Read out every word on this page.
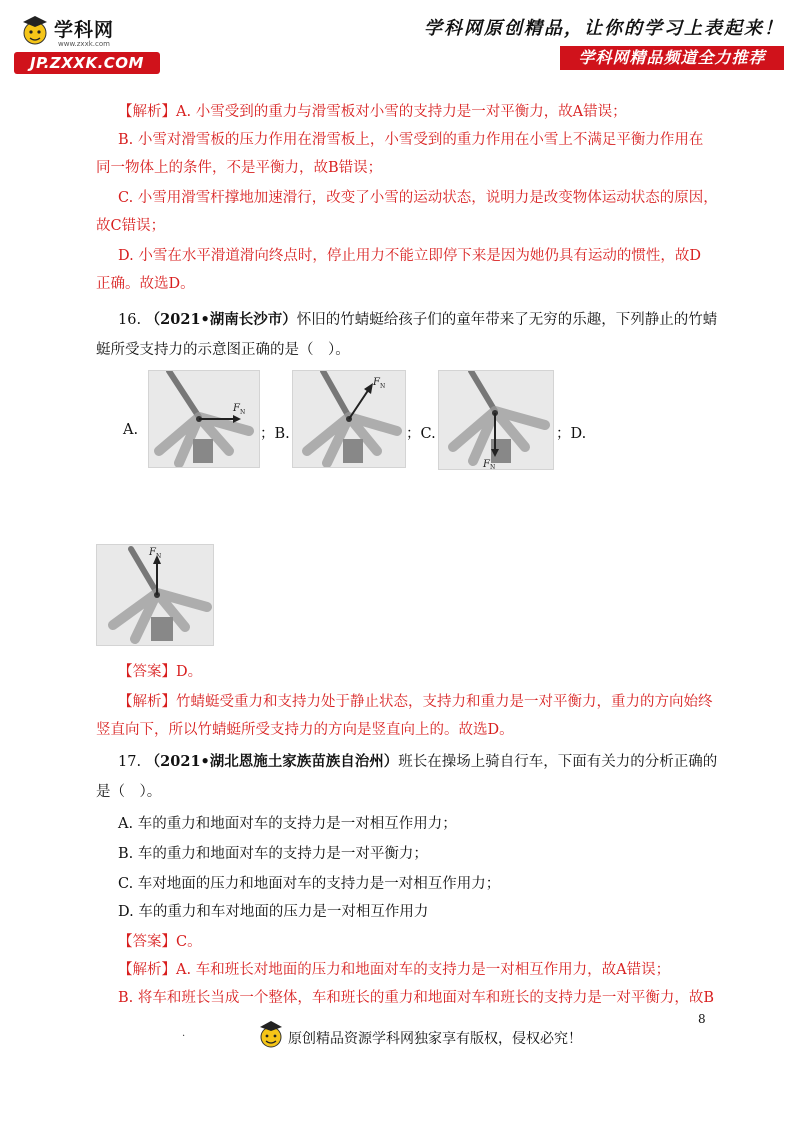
学科网
www.zxxk.com
JP.ZXXK.COM
学科网原创精品，让你的学习上表起来！
学科网精品频道全力推荐
【解析】A. 小雪受到的重力与滑雪板对小雪的支持力是一对平衡力，故A错误；
B. 小雪对滑雪板的压力作用在滑雪板上，小雪受到的重力作用在小雪上不满足平衡力作用在
同一物体上的条件，不是平衡力，故B错误；
C. 小雪用滑雪杆撑地加速滑行，改变了小雪的运动状态，说明力是改变物体运动状态的原因，
故C错误；
D. 小雪在水平滑道滑向终点时，停止用力不能立即停下来是因为她仍具有运动的惯性，故D
正确。故选D。
16. （2021•湖南长沙市）怀旧的竹蜻蜓给孩子们的童年带来了无穷的乐趣，下列静止的竹蜻
蜓所受支持力的示意图正确的是（　）。
A.
F N
；B.
F N
；C.
F N
；D.
F N
【答案】D。
【解析】竹蜻蜓受重力和支持力处于静止状态，支持力和重力是一对平衡力，重力的方向始终
竖直向下，所以竹蜻蜓所受支持力的方向是竖直向上的。故选D。
17. （2021•湖北恩施土家族苗族自治州）班长在操场上骑自行车，下面有关力的分析正确的
是（　）。
A. 车的重力和地面对车的支持力是一对相互作用力；
B. 车的重力和地面对车的支持力是一对平衡力；
C. 车对地面的压力和地面对车的支持力是一对相互作用力；
D. 车的重力和车对地面的压力是一对相互作用力
【答案】C。
【解析】A. 车和班长对地面的压力和地面对车的支持力是一对相互作用力，故A错误；
B. 将车和班长当成一个整体，车和班长的重力和地面对车和班长的支持力是一对平衡力，故B
8
.	原创精品资源学科网独家享有版权，侵权必究！
